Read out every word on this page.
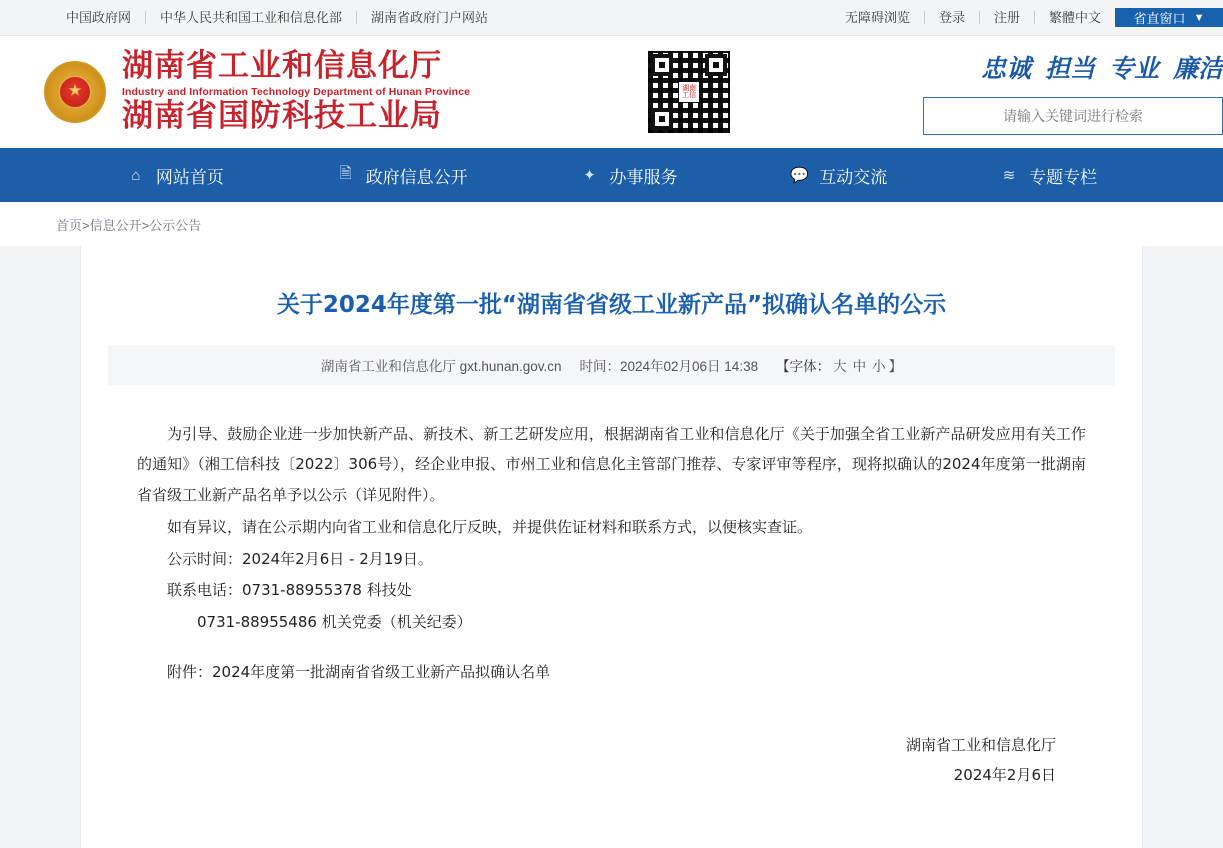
中国政府网	中华人民共和国工业和信息化部	湖南省政府门户网站	无障碍浏览	登录	注册	繁體中文	省直窗口 ▼
★
湖南省工业和信息化厅
Industry and Information Technology Department of Hunan Province
湖南省国防科技工业局
湖南工信
忠诚 担当 专业 廉洁
请输入关键词进行检索
⌂ 网站首页	🗎 政府信息公开	✦ 办事服务	💬 互动交流	≋ 专题专栏
首页>信息公开>公示公告
关于2024年度第一批“湖南省省级工业新产品”拟确认名单的公示
湖南省工业和信息化厅 gxt.hunan.gov.cn 时间：2024年02月06日 14:38 【字体： 大 中 小 】

为引导、鼓励企业进一步加快新产品、新技术、新工艺研发应用，根据湖南省工业和信息化厅《关于加强全省工业新产品研发应用有关工作的通知》（湘工信科技〔2022〕306号），经企业申报、市州工业和信息化主管部门推荐、专家评审等程序，现将拟确认的2024年度第一批湖南省省级工业新产品名单予以公示（详见附件）。

如有异议，请在公示期内向省工业和信息化厅反映，并提供佐证材料和联系方式，以便核实查证。

公示时间：2024年2月6日 - 2月19日。

联系电话：0731-88955378 科技处

0731-88955486 机关党委（机关纪委）

附件：2024年度第一批湖南省省级工业新产品拟确认名单

湖南省工业和信息化厅
2024年2月6日
